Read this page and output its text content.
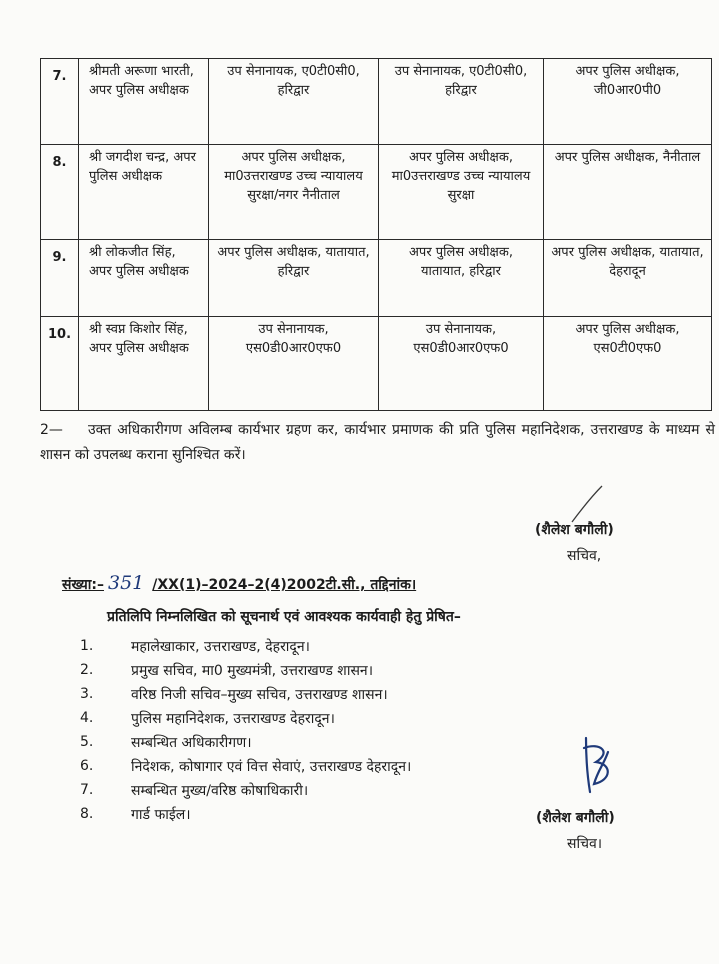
7.	श्रीमती अरूणा भारती, अपर पुलिस अधीक्षक	उप सेनानायक, ए0टी0सी0, हरिद्वार	उप सेनानायक, ए0टी0सी0, हरिद्वार	अपर पुलिस अधीक्षक, जी0आर0पी0
8.	श्री जगदीश चन्द्र, अपर पुलिस अधीक्षक	अपर पुलिस अधीक्षक, मा0उत्तराखण्ड उच्च न्यायालय सुरक्षा/नगर नैनीताल	अपर पुलिस अधीक्षक, मा0उत्तराखण्ड उच्च न्यायालय सुरक्षा	अपर पुलिस अधीक्षक, नैनीताल
9.	श्री लोकजीत सिंह, अपर पुलिस अधीक्षक	अपर पुलिस अधीक्षक, यातायात, हरिद्वार	अपर पुलिस अधीक्षक, यातायात, हरिद्वार	अपर पुलिस अधीक्षक, यातायात, देहरादून
10.	श्री स्वप्न किशोर सिंह, अपर पुलिस अधीक्षक	उप सेनानायक, एस0डी0आर0एफ0	उप सेनानायक, एस0डी0आर0एफ0	अपर पुलिस अधीक्षक, एस0टी0एफ0
2— उक्त अधिकारीगण अविलम्ब कार्यभार ग्रहण कर, कार्यभार प्रमाणक की प्रति पुलिस महानिदेशक, उत्तराखण्ड के माध्यम से शासन को उपलब्ध कराना सुनिश्चित करें।
(शैलेश बगौली)
सचिव,
संख्या:– 351 /XX(1)–2024–2(4)2002टी.सी., तद्दिनांक।
प्रतिलिपि निम्नलिखित को सूचनार्थ एवं आवश्यक कार्यवाही हेतु प्रेषित–
1.	महालेखाकार, उत्तराखण्ड, देहरादून।
2.	प्रमुख सचिव, मा0 मुख्यमंत्री, उत्तराखण्ड शासन।
3.	वरिष्ठ निजी सचिव–मुख्य सचिव, उत्तराखण्ड शासन।
4.	पुलिस महानिदेशक, उत्तराखण्ड देहरादून।
5.	सम्बन्धित अधिकारीगण।
6.	निदेशक, कोषागार एवं वित्त सेवाएं, उत्तराखण्ड देहरादून।
7.	सम्बन्धित मुख्य/वरिष्ठ कोषाधिकारी।
8.	गार्ड फाईल।	(शैलेश बगौली)
सचिव।
